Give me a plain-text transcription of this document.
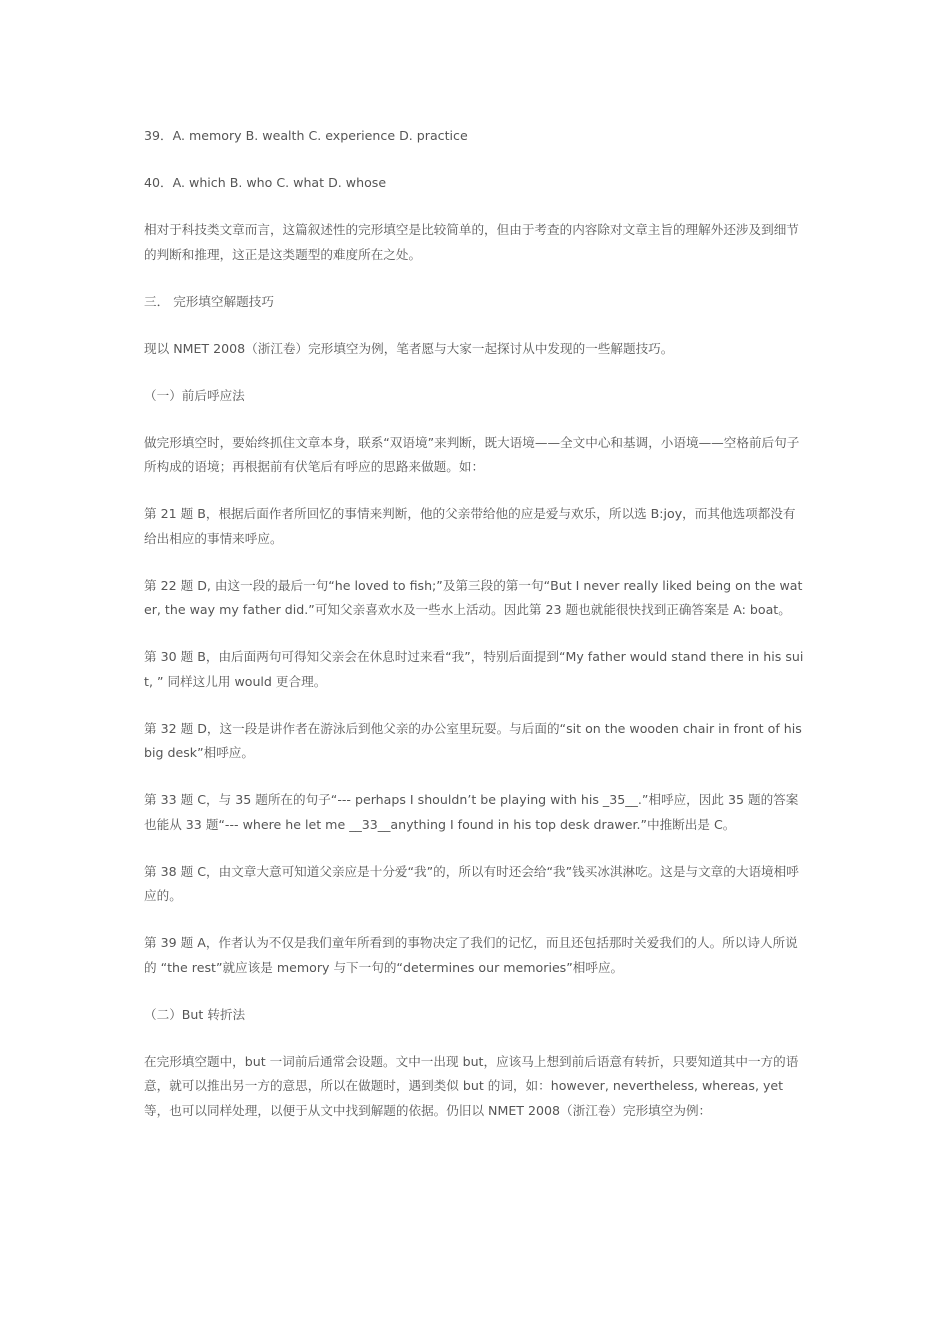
39．A. memory B. wealth C. experience D. practice

40．A. which B. who C. what D. whose

相对于科技类文章而言，这篇叙述性的完形填空是比较简单的，但由于考查的内容除对文章主旨的理解外还涉及到细节的判断和推理，这正是这类题型的难度所在之处。

三． 完形填空解题技巧

现以 NMET 2008（浙江卷）完形填空为例，笔者愿与大家一起探讨从中发现的一些解题技巧。

（一）前后呼应法

做完形填空时，要始终抓住文章本身，联系“双语境”来判断，既大语境——全文中心和基调，小语境——空格前后句子所构成的语境；再根据前有伏笔后有呼应的思路来做题。如：

第 21 题 B，根据后面作者所回忆的事情来判断，他的父亲带给他的应是爱与欢乐，所以选 B:joy，而其他选项都没有给出相应的事情来呼应。

第 22 题 D, 由这一段的最后一句“he loved to fish;”及第三段的第一句“But I never really liked being on the water, the way my father did.”可知父亲喜欢水及一些水上活动。因此第 23 题也就能很快找到正确答案是 A: boat。

第 30 题 B，由后面两句可得知父亲会在休息时过来看“我”，特别后面提到“My father would stand there in his suit, ” 同样这儿用 would 更合理。

第 32 题 D，这一段是讲作者在游泳后到他父亲的办公室里玩耍。与后面的“sit on the wooden chair in front of his big desk”相呼应。

第 33 题 C，与 35 题所在的句子“--- perhaps I shouldn’t be playing with his _35__.”相呼应，因此 35 题的答案也能从 33 题“--- where he let me __33__anything I found in his top desk drawer.”中推断出是 C。

第 38 题 C，由文章大意可知道父亲应是十分爱“我”的，所以有时还会给“我”钱买冰淇淋吃。这是与文章的大语境相呼应的。

第 39 题 A，作者认为不仅是我们童年所看到的事物决定了我们的记忆，而且还包括那时关爱我们的人。所以诗人所说的 “the rest”就应该是 memory 与下一句的“determines our memories”相呼应。

（二）But 转折法

在完形填空题中，but 一词前后通常会设题。文中一出现 but，应该马上想到前后语意有转折，只要知道其中一方的语意，就可以推出另一方的意思，所以在做题时，遇到类似 but 的词，如：however, nevertheless, whereas, yet 等，也可以同样处理，以便于从文中找到解题的依据。仍旧以 NMET 2008（浙江卷）完形填空为例：
